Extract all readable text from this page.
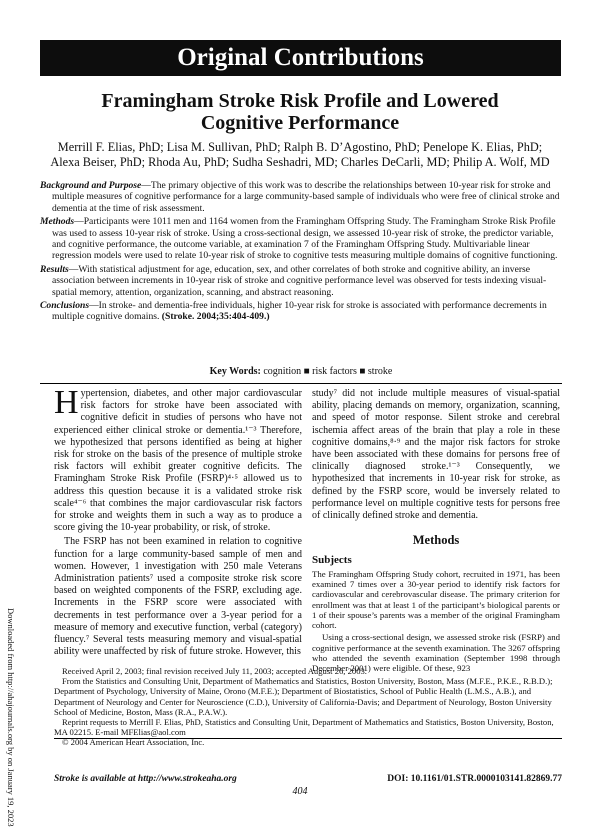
Original Contributions
Framingham Stroke Risk Profile and Lowered Cognitive Performance
Merrill F. Elias, PhD; Lisa M. Sullivan, PhD; Ralph B. D’Agostino, PhD; Penelope K. Elias, PhD;
Alexa Beiser, PhD; Rhoda Au, PhD; Sudha Seshadri, MD; Charles DeCarli, MD; Philip A. Wolf, MD

Background and Purpose—The primary objective of this work was to describe the relationships between 10-year risk for stroke and multiple measures of cognitive performance for a large community-based sample of individuals who were free of clinical stroke and dementia at the time of risk assessment.

Methods—Participants were 1011 men and 1164 women from the Framingham Offspring Study. The Framingham Stroke Risk Profile was used to assess 10-year risk of stroke. Using a cross-sectional design, we assessed 10-year risk of stroke, the predictor variable, and cognitive performance, the outcome variable, at examination 7 of the Framingham Offspring Study. Multivariable linear regression models were used to relate 10-year risk of stroke to cognitive tests measuring multiple domains of cognitive functioning.

Results—With statistical adjustment for age, education, sex, and other correlates of both stroke and cognitive ability, an inverse association between increments in 10-year risk of stroke and cognitive performance level was observed for tests indexing visual-spatial memory, attention, organization, scanning, and abstract reasoning.

Conclusions—In stroke- and dementia-free individuals, higher 10-year risk for stroke is associated with performance decrements in multiple cognitive domains. (Stroke. 2004;35:404-409.)

Key Words: cognition ■ risk factors ■ stroke
Downloaded from http://ahajournals.org by on January 19, 2023

Hypertension, diabetes, and other major cardiovascular risk factors for stroke have been associated with cognitive deficit in studies of persons who have not experienced either clinical stroke or dementia.¹⁻³ Therefore, we hypothesized that persons identified as being at higher risk for stroke on the basis of the presence of multiple stroke risk factors will exhibit greater cognitive deficits. The Framingham Stroke Risk Profile (FSRP)⁴·⁵ allowed us to address this question because it is a validated stroke risk scale⁴⁻⁶ that combines the major cardiovascular risk factors for stroke and weights them in such a way as to produce a score giving the 10-year probability, or risk, of stroke.

The FSRP has not been examined in relation to cognitive function for a large community-based sample of men and women. However, 1 investigation with 250 male Veterans Administration patients⁷ used a composite stroke risk score based on weighted components of the FSRP, excluding age. Increments in the FSRP score were associated with decrements in test performance over a 3-year period for a measure of memory and executive function, verbal (category) fluency.⁷ Several tests measuring memory and visual-spatial ability were unaffected by risk of future stroke. However, this

study⁷ did not include multiple measures of visual-spatial ability, placing demands on memory, organization, scanning, and speed of motor response. Silent stroke and cerebral ischemia affect areas of the brain that play a role in these cognitive domains,⁸·⁹ and the major risk factors for stroke have been associated with these domains for persons free of clinically diagnosed stroke.¹⁻³ Consequently, we hypothesized that increments in 10-year risk for stroke, as defined by the FSRP score, would be inversely related to performance level on multiple cognitive tests for persons free of clinically defined stroke and dementia.

Methods
Subjects

The Framingham Offspring Study cohort, recruited in 1971, has been examined 7 times over a 30-year period to identify risk factors for cardiovascular and cerebrovascular disease. The primary criterion for enrollment was that at least 1 of the participant’s biological parents or 1 of their spouse’s parents was a member of the original Framingham cohort.

Using a cross-sectional design, we assessed stroke risk (FSRP) and cognitive performance at the seventh examination. The 3267 offspring who attended the seventh examination (September 1998 through December 2001) were eligible. Of these, 923

Received April 2, 2003; final revision received July 11, 2003; accepted August 26, 2003.

From the Statistics and Consulting Unit, Department of Mathematics and Statistics, Boston University, Boston, Mass (M.F.E., P.K.E., R.B.D.); Department of Psychology, University of Maine, Orono (M.F.E.); Department of Biostatistics, School of Public Health (L.M.S., A.B.), and Department of Neurology and Center for Neuroscience (C.D.), University of California-Davis; and Department of Neurology, Boston University School of Medicine, Boston, Mass (R.A., P.A.W.).

Reprint requests to Merrill F. Elias, PhD, Statistics and Consulting Unit, Department of Mathematics and Statistics, Boston University, Boston, MA 02215. E-mail MFElias@aol.com

© 2004 American Heart Association, Inc.

Stroke is available at http://www.strokeaha.org	DOI: 10.1161/01.STR.0000103141.82869.77
404
